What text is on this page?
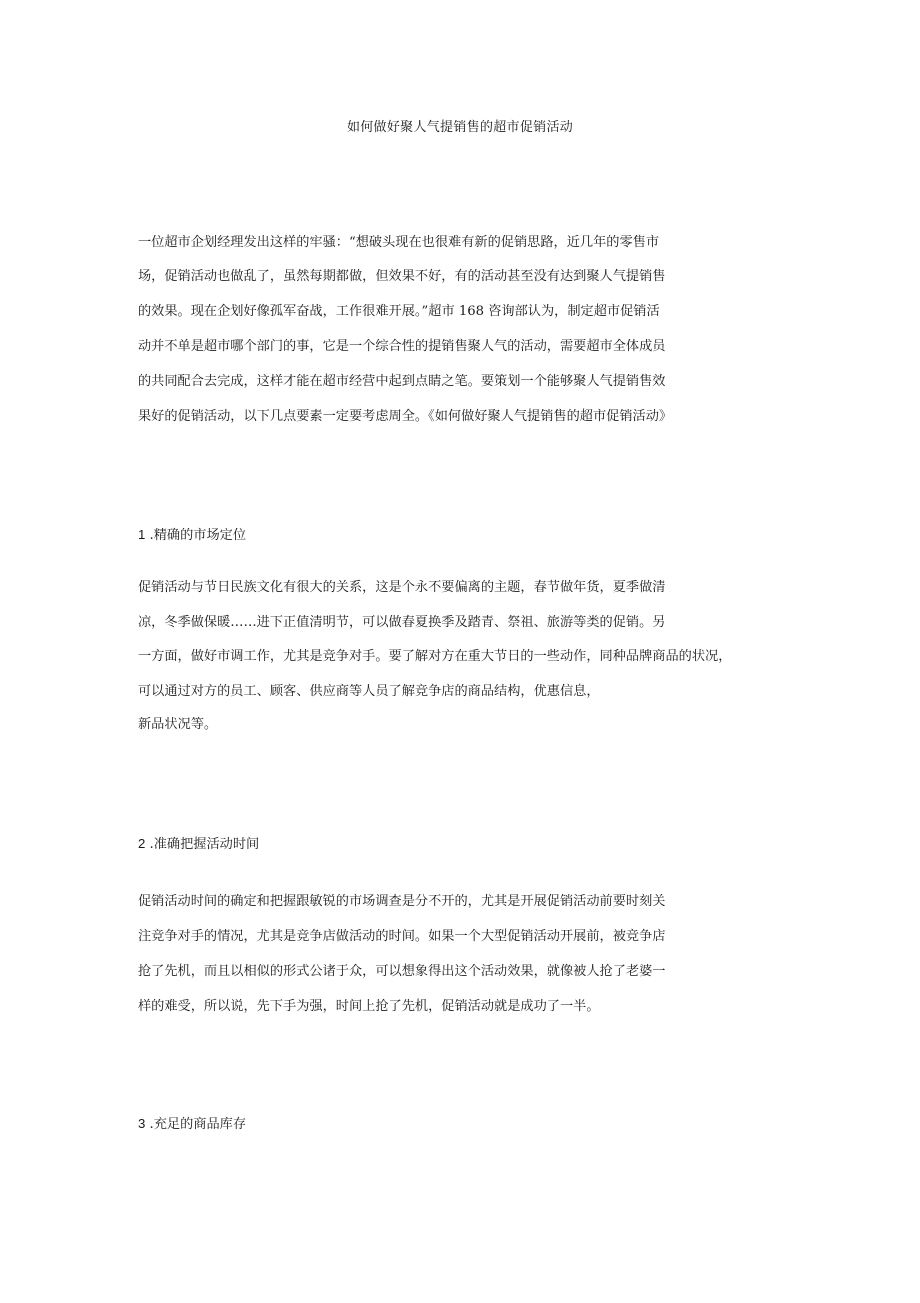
如何做好聚人气提销售的超市促销活动
一位超市企划经理发出这样的牢骚：“想破头现在也很难有新的促销思路，近几年的零售市
场，促销活动也做乱了，虽然每期都做，但效果不好，有的活动甚至没有达到聚人气提销售
的效果。现在企划好像孤军奋战，工作很难开展。”超市 168 咨询部认为，制定超市促销活
动并不单是超市哪个部门的事，它是一个综合性的提销售聚人气的活动，需要超市全体成员
的共同配合去完成，这样才能在超市经营中起到点睛之笔。要策划一个能够聚人气提销售效
果好的促销活动，以下几点要素一定要考虑周全。《如何做好聚人气提销售的超市促销活动》
1 .精确的市场定位
促销活动与节日民族文化有很大的关系，这是个永不要偏离的主题，春节做年货，夏季做清
凉，冬季做保暖……进下正值清明节，可以做春夏换季及踏青、祭祖、旅游等类的促销。另
一方面，做好市调工作，尤其是竞争对手。要了解对方在重大节日的一些动作，同种品牌商品的状况，
可以通过对方的员工、顾客、供应商等人员了解竞争店的商品结构，优惠信息，
新品状况等。
2 .准确把握活动时间
促销活动时间的确定和把握跟敏锐的市场调查是分不开的，尤其是开展促销活动前要时刻关
注竞争对手的情况，尤其是竞争店做活动的时间。如果一个大型促销活动开展前，被竞争店
抢了先机，而且以相似的形式公诸于众，可以想象得出这个活动效果，就像被人抢了老婆一
样的难受，所以说，先下手为强，时间上抢了先机，促销活动就是成功了一半。
3 .充足的商品库存
